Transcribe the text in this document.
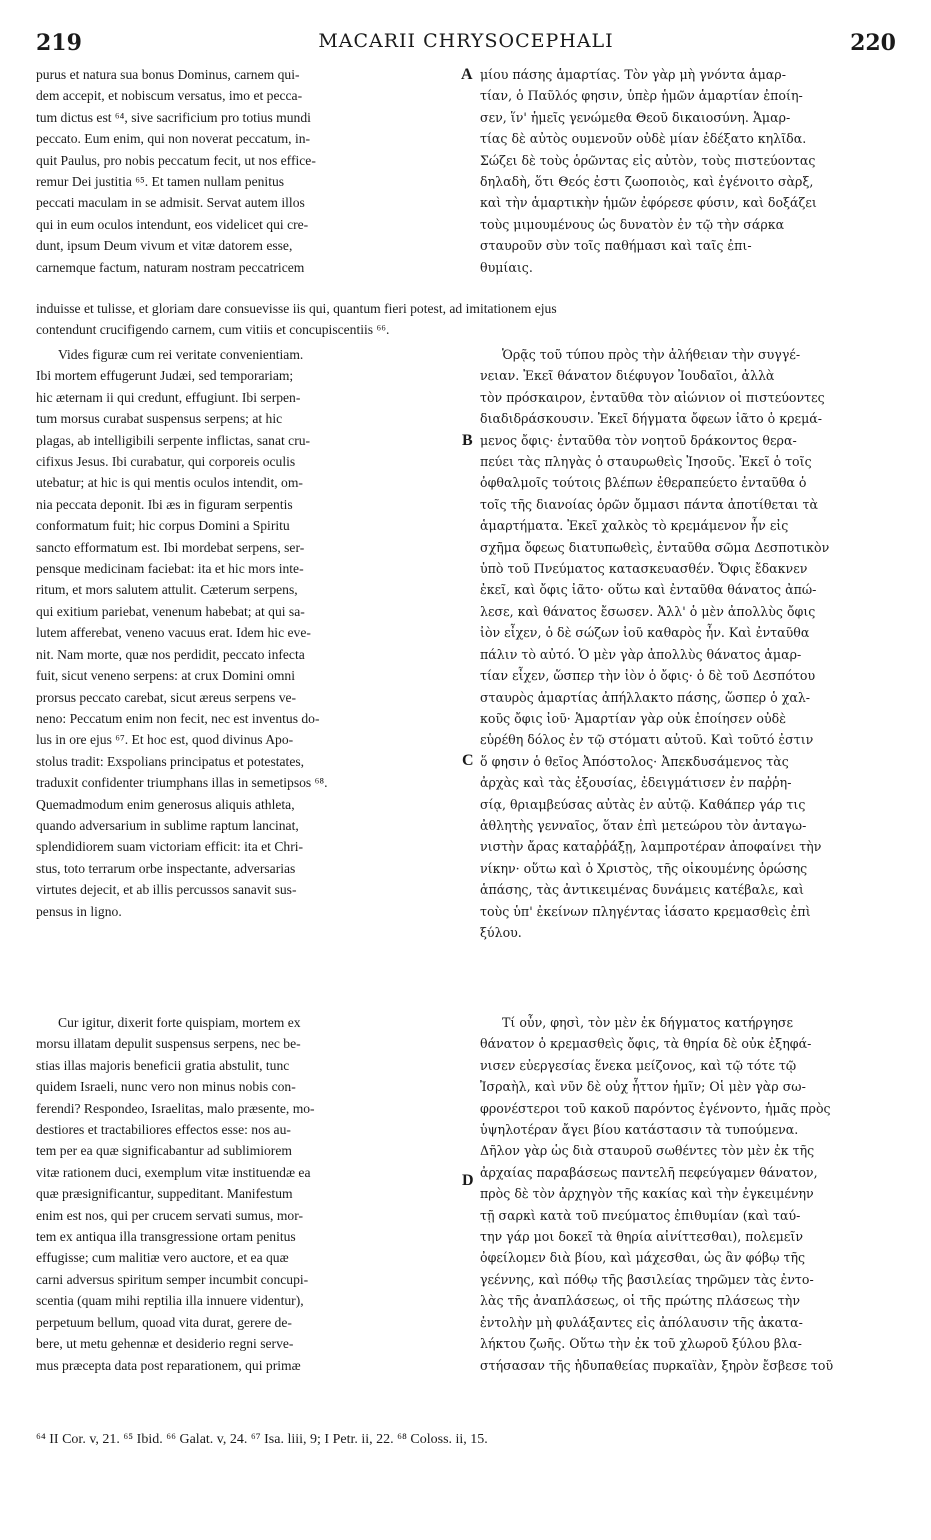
219	MACARII CHRYSOCEPHALI	220

purus et natura sua bonus Dominus, carnem qui-

dem accepit, et nobiscum versatus, imo et pecca-

tum dictus est ⁶⁴, sive sacrificium pro totius mundi

peccato. Eum enim, qui non noverat peccatum, in-

quit Paulus, pro nobis peccatum fecit, ut nos effice-

remur Dei justitia ⁶⁵. Et tamen nullam penitus

peccati maculam in se admisit. Servat autem illos

qui in eum oculos intendunt, eos videlicet qui cre-

dunt, ipsum Deum vivum et vitæ datorem esse,

carnemque factum, naturam nostram peccatricem

A μίου πάσης ἁμαρτίας. Τὸν γὰρ μὴ γνόντα ἁμαρ-

τίαν, ὁ Παῦλός φησιν, ὑπὲρ ἡμῶν ἁμαρτίαν ἐποίη-

σεν, ἵν' ἡμεῖς γενώμεθα Θεοῦ δικαιοσύνη. Ἁμαρ-

τίας δὲ αὐτὸς ουμενοῦν οὐδὲ μίαν ἐδέξατο κηλῖδα.

Σώζει δὲ τοὺς ὁρῶντας εἰς αὐτὸν, τοὺς πιστεύοντας

δηλαδὴ, ὅτι Θεός ἐστι ζωοποιὸς, καὶ ἐγένοιτο σὰρξ,

καὶ τὴν ἁμαρτικὴν ἡμῶν ἐφόρεσε φύσιν, καὶ δοξάζει

τοὺς μιμουμένους ὡς δυνατὸν ἐν τῷ τὴν σάρκα

σταυροῦν σὺν τοῖς παθήμασι καὶ ταῖς ἐπι-

θυμίαις.

induisse et tulisse, et gloriam dare consuevisse iis qui, quantum fieri potest, ad imitationem ejus

contendunt crucifigendo carnem, cum vitiis et concupiscentiis ⁶⁶.

Vides figuræ cum rei veritate convenientiam.

Ibi mortem effugerunt Judæi, sed temporariam;

hic æternam ii qui credunt, effugiunt. Ibi serpen-

tum morsus curabat suspensus serpens; at hic

plagas, ab intelligibili serpente inflictas, sanat cru-

cifixus Jesus. Ibi curabatur, qui corporeis oculis

utebatur; at hic is qui mentis oculos intendit, om-

nia peccata deponit. Ibi æs in figuram serpentis

conformatum fuit; hic corpus Domini a Spiritu

sancto efformatum est. Ibi mordebat serpens, ser-

pensque medicinam faciebat: ita et hic mors inte-

ritum, et mors salutem attulit. Cæterum serpens,

qui exitium pariebat, venenum habebat; at qui sa-

lutem afferebat, veneno vacuus erat. Idem hic eve-

nit. Nam morte, quæ nos perdidit, peccato infecta

fuit, sicut veneno serpens: at crux Domini omni

prorsus peccato carebat, sicut æreus serpens ve-

neno: Peccatum enim non fecit, nec est inventus do-

lus in ore ejus ⁶⁷. Et hoc est, quod divinus Apo-

stolus tradit: Exspolians principatus et potestates,

traduxit confidenter triumphans illas in semetipsos ⁶⁸.

Quemadmodum enim generosus aliquis athleta,

quando adversarium in sublime raptum lancinat,

splendidiorem suam victoriam efficit: ita et Chri-

stus, toto terrarum orbe inspectante, adversarias

virtutes dejecit, et ab illis percussos sanavit sus-

pensus in ligno.

B
C

Ὁρᾷς τοῦ τύπου πρὸς τὴν ἀλήθειαν τὴν συγγέ-

νειαν. Ἐκεῖ θάνατον διέφυγον Ἰουδαῖοι, ἀλλὰ

τὸν πρόσκαιρον, ἐνταῦθα τὸν αἰώνιον οἱ πιστεύοντες

διαδιδράσκουσιν. Ἐκεῖ δήγματα ὄφεων ἰᾶτο ὁ κρεμά-

μενος ὄφις· ἐνταῦθα τὸν νοητοῦ δράκοντος θερα-

πεύει τὰς πληγὰς ὁ σταυρωθεὶς Ἰησοῦς. Ἐκεῖ ὁ τοῖς

ὀφθαλμοῖς τούτοις βλέπων ἐθεραπεύετο ἐνταῦθα ὁ

τοῖς τῆς διανοίας ὁρῶν ὄμμασι πάντα ἀποτίθεται τὰ

ἁμαρτήματα. Ἐκεῖ χαλκὸς τὸ κρεμάμενον ἦν εἰς

σχῆμα ὄφεως διατυπωθεὶς, ἐνταῦθα σῶμα Δεσποτικὸν

ὑπὸ τοῦ Πνεύματος κατασκευασθέν. Ὄφις ἔδακνεν

ἐκεῖ, καὶ ὄφις ἰᾶτο· οὕτω καὶ ἐνταῦθα θάνατος ἀπώ-

λεσε, καὶ θάνατος ἔσωσεν. Ἀλλ' ὁ μὲν ἀπολλὺς ὄφις

ἰὸν εἶχεν, ὁ δὲ σώζων ἰοῦ καθαρὸς ἦν. Καὶ ἐνταῦθα

πάλιν τὸ αὐτό. Ὁ μὲν γὰρ ἀπολλὺς θάνατος ἁμαρ-

τίαν εἶχεν, ὥσπερ τὴν ἰὸν ὁ ὄφις· ὁ δὲ τοῦ Δεσπότου

σταυρὸς ἁμαρτίας ἀπήλλακτο πάσης, ὥσπερ ὁ χαλ-

κοῦς ὄφις ἰοῦ· Ἁμαρτίαν γὰρ οὐκ ἐποίησεν οὐδὲ

εὑρέθη δόλος ἐν τῷ στόματι αὐτοῦ. Καὶ τοῦτό ἐστιν

ὅ φησιν ὁ θεῖος Ἀπόστολος· Ἀπεκδυσάμενος τὰς

ἀρχὰς καὶ τὰς ἐξουσίας, ἐδειγμάτισεν ἐν παῤῥη-

σίᾳ, θριαμβεύσας αὐτὰς ἐν αὐτῷ. Καθάπερ γάρ τις

ἀθλητὴς γενναῖος, ὅταν ἐπὶ μετεώρου τὸν ἀνταγω-

νιστὴν ἄρας καταῤῥάξῃ, λαμπροτέραν ἀποφαίνει τὴν

νίκην· οὕτω καὶ ὁ Χριστὸς, τῆς οἰκουμένης ὁρώσης

ἁπάσης, τὰς ἀντικειμένας δυνάμεις κατέβαλε, καὶ

τοὺς ὑπ' ἐκείνων πληγέντας ἰάσατο κρεμασθεὶς ἐπὶ

ξύλου.

Cur igitur, dixerit forte quispiam, mortem ex

morsu illatam depulit suspensus serpens, nec be-

stias illas majoris beneficii gratia abstulit, tunc

quidem Israeli, nunc vero non minus nobis con-

ferendi? Respondeo, Israelitas, malo præsente, mo-

destiores et tractabiliores effectos esse: nos au-

tem per ea quæ significabantur ad sublimiorem

vitæ rationem duci, exemplum vitæ instituendæ ea

quæ præsignificantur, suppeditant. Manifestum

enim est nos, qui per crucem servati sumus, mor-

tem ex antiqua illa transgressione ortam penitus

effugisse; cum malitiæ vero auctore, et ea quæ

carni adversus spiritum semper incumbit concupi-

scentia (quam mihi reptilia illa innuere videntur),

perpetuum bellum, quoad vita durat, gerere de-

bere, ut metu gehennæ et desiderio regni serve-

mus præcepta data post reparationem, qui primæ

D

Τί οὖν, φησὶ, τὸν μὲν ἐκ δήγματος κατήργησε

θάνατον ὁ κρεμασθεὶς ὄφις, τὰ θηρία δὲ οὐκ ἐξηφά-

νισεν εὐεργεσίας ἕνεκα μείζονος, καὶ τῷ τότε τῷ

Ἰσραὴλ, καὶ νῦν δὲ οὐχ ἧττον ἡμῖν; Οἱ μὲν γὰρ σω-

φρονέστεροι τοῦ κακοῦ παρόντος ἐγένοντο, ἡμᾶς πρὸς

ὑψηλοτέραν ἄγει βίου κατάστασιν τὰ τυπούμενα.

Δῆλον γὰρ ὡς διὰ σταυροῦ σωθέντες τὸν μὲν ἐκ τῆς

ἀρχαίας παραβάσεως παντελῆ πεφεύγαμεν θάνατον,

πρὸς δὲ τὸν ἀρχηγὸν τῆς κακίας καὶ τὴν ἐγκειμένην

τῇ σαρκὶ κατὰ τοῦ πνεύματος ἐπιθυμίαν (καὶ ταύ-

την γάρ μοι δοκεῖ τὰ θηρία αἰνίττεσθαι), πολεμεῖν

ὀφείλομεν διὰ βίου, καὶ μάχεσθαι, ὡς ἂν φόβῳ τῆς

γεέννης, καὶ πόθῳ τῆς βασιλείας τηρῶμεν τὰς ἐντο-

λὰς τῆς ἀναπλάσεως, οἱ τῆς πρώτης πλάσεως τὴν

ἐντολὴν μὴ φυλάξαντες εἰς ἀπόλαυσιν τῆς ἀκατα-

λήκτου ζωῆς. Οὕτω τὴν ἐκ τοῦ χλωροῦ ξύλου βλα-

στήσασαν τῆς ἡδυπαθείας πυρκαϊὰν, ξηρὸν ἔσβεσε τοῦ

⁶⁴ II Cor. v, 21. ⁶⁵ Ibid. ⁶⁶ Galat. v, 24. ⁶⁷ Isa. liii, 9; I Petr. ii, 22. ⁶⁸ Coloss. ii, 15.
